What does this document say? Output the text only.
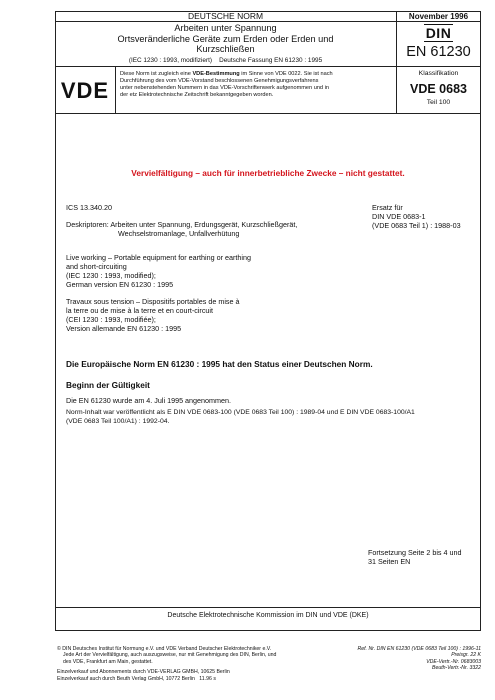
DEUTSCHE NORM	November 1996
Arbeiten unter Spannung
Ortsveränderliche Geräte zum Erden oder Erden und
Kurzschließen
(IEC 1230 : 1993, modifiziert)    Deutsche Fassung EN 61230 : 1995
DIN
EN 61230
VDE
Diese Norm ist zugleich eine VDE-Bestimmung im Sinne von VDE 0022. Sie ist nach
Durchführung des vom VDE-Vorstand beschlossenen Genehmigungsverfahrens
unter nebenstehenden Nummern in das VDE-Vorschriftenwerk aufgenommen und in
der etz Elektrotechnische Zeitschrift bekanntgegeben worden.
Klassifikation
VDE 0683
Teil 100
Vervielfältigung – auch für innerbetriebliche Zwecke – nicht gestattet.
ICS 13.340.20
Deskriptoren: Arbeiten unter Spannung, Erdungsgerät, Kurzschließgerät,
Wechselstromanlage, Unfallverhütung
Ersatz für
DIN VDE 0683-1
(VDE 0683 Teil 1) : 1988-03
Live working – Portable equipment for earthing or earthing
and short-circuiting
(IEC 1230 : 1993, modified);
German version EN 61230 : 1995
Travaux sous tension – Dispositifs portables de mise à
la terre ou de mise à la terre et en court-circuit
(CEI 1230 : 1993, modifiée);
Version allemande EN 61230 : 1995
Die Europäische Norm EN 61230 : 1995 hat den Status einer Deutschen Norm.
Beginn der Gültigkeit
Die EN 61230 wurde am 4. Juli 1995 angenommen.
Norm-Inhalt war veröffentlicht als E DIN VDE 0683-100 (VDE 0683 Teil 100) : 1989-04 und E DIN VDE 0683-100/A1
(VDE 0683 Teil 100/A1) : 1992-04.
Fortsetzung Seite 2 bis 4 und
31 Seiten EN
Deutsche Elektrotechnische Kommission im DIN und VDE (DKE)
© DIN Deutsches Institut für Normung e.V. und VDE Verband Deutscher Elektrotechniker e.V.
Jede Art der Vervielfältigung, auch auszugsweise, nur mit Genehmigung des DIN, Berlin, und
des VDE, Frankfurt am Main, gestattet.
Einzelverkauf und Abonnements durch VDE-VERLAG GMBH, 10625 Berlin
Einzelverkauf auch durch Beuth Verlag GmbH, 10772 Berlin 11.96 s
Ref. Nr. DIN EN 61230 (VDE 0683 Teil 100) : 1996-11
Preisgr. 22 K
VDE-Vertr.-Nr. 0683003
Beuth-Vertr.-Nr. 3322
